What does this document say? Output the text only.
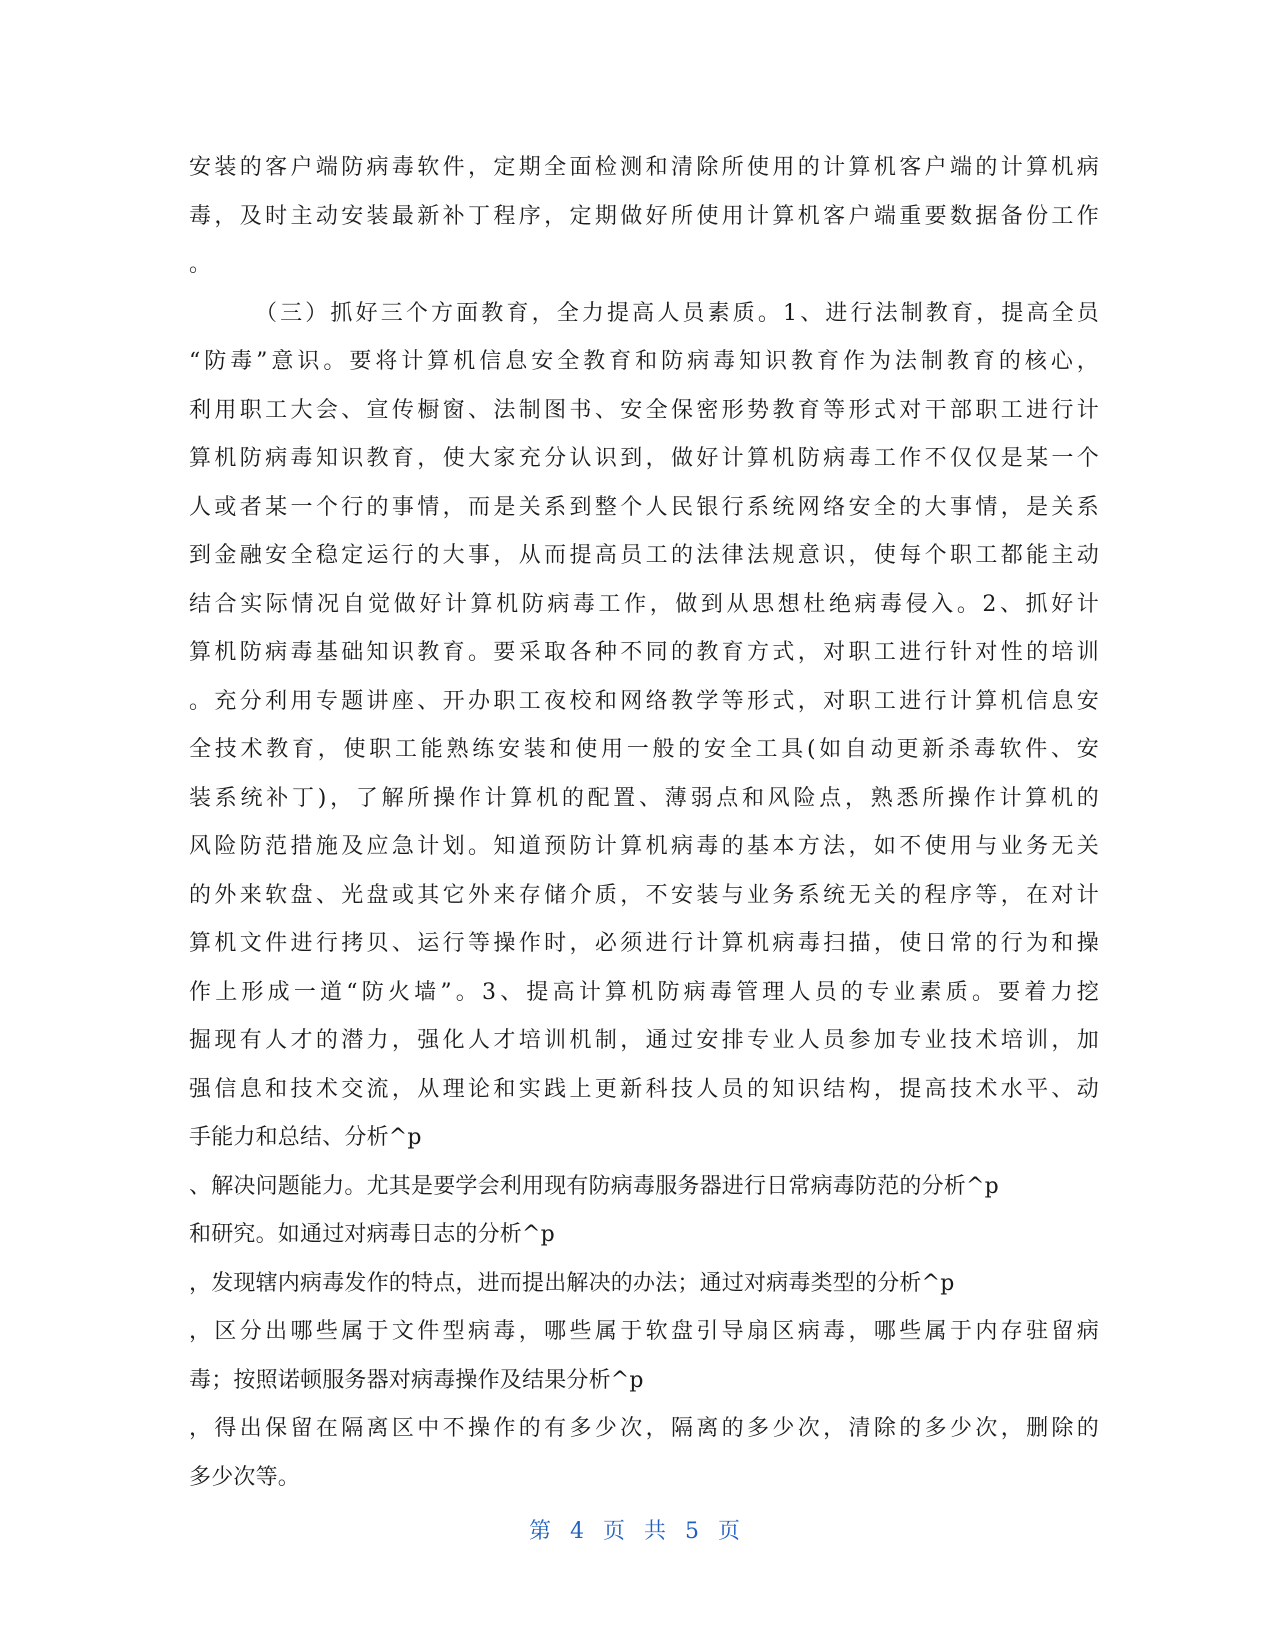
安装的客户端防病毒软件，定期全面检测和清除所使用的计算机客户端的计算机病
毒，及时主动安装最新补丁程序，定期做好所使用计算机客户端重要数据备份工作
。
（三）抓好三个方面教育，全力提高人员素质。1、进行法制教育，提高全员
“防毒”意识。要将计算机信息安全教育和防病毒知识教育作为法制教育的核心，
利用职工大会、宣传橱窗、法制图书、安全保密形势教育等形式对干部职工进行计
算机防病毒知识教育，使大家充分认识到，做好计算机防病毒工作不仅仅是某一个
人或者某一个行的事情，而是关系到整个人民银行系统网络安全的大事情，是关系
到金融安全稳定运行的大事，从而提高员工的法律法规意识，使每个职工都能主动
结合实际情况自觉做好计算机防病毒工作，做到从思想杜绝病毒侵入。2、抓好计
算机防病毒基础知识教育。要采取各种不同的教育方式，对职工进行针对性的培训
。充分利用专题讲座、开办职工夜校和网络教学等形式，对职工进行计算机信息安
全技术教育，使职工能熟练安装和使用一般的安全工具(如自动更新杀毒软件、安
装系统补丁)，了解所操作计算机的配置、薄弱点和风险点，熟悉所操作计算机的
风险防范措施及应急计划。知道预防计算机病毒的基本方法，如不使用与业务无关
的外来软盘、光盘或其它外来存储介质，不安装与业务系统无关的程序等，在对计
算机文件进行拷贝、运行等操作时，必须进行计算机病毒扫描，使日常的行为和操
作上形成一道“防火墙”。3、提高计算机防病毒管理人员的专业素质。要着力挖
掘现有人才的潜力，强化人才培训机制，通过安排专业人员参加专业技术培训，加
强信息和技术交流，从理论和实践上更新科技人员的知识结构，提高技术水平、动
手能力和总结、分析^p
、解决问题能力。尤其是要学会利用现有防病毒服务器进行日常病毒防范的分析^p
和研究。如通过对病毒日志的分析^p
，发现辖内病毒发作的特点，进而提出解决的办法；通过对病毒类型的分析^p
，区分出哪些属于文件型病毒，哪些属于软盘引导扇区病毒，哪些属于内存驻留病
毒；按照诺顿服务器对病毒操作及结果分析^p
，得出保留在隔离区中不操作的有多少次，隔离的多少次，清除的多少次，删除的
多少次等。
第 4 页 共 5 页
